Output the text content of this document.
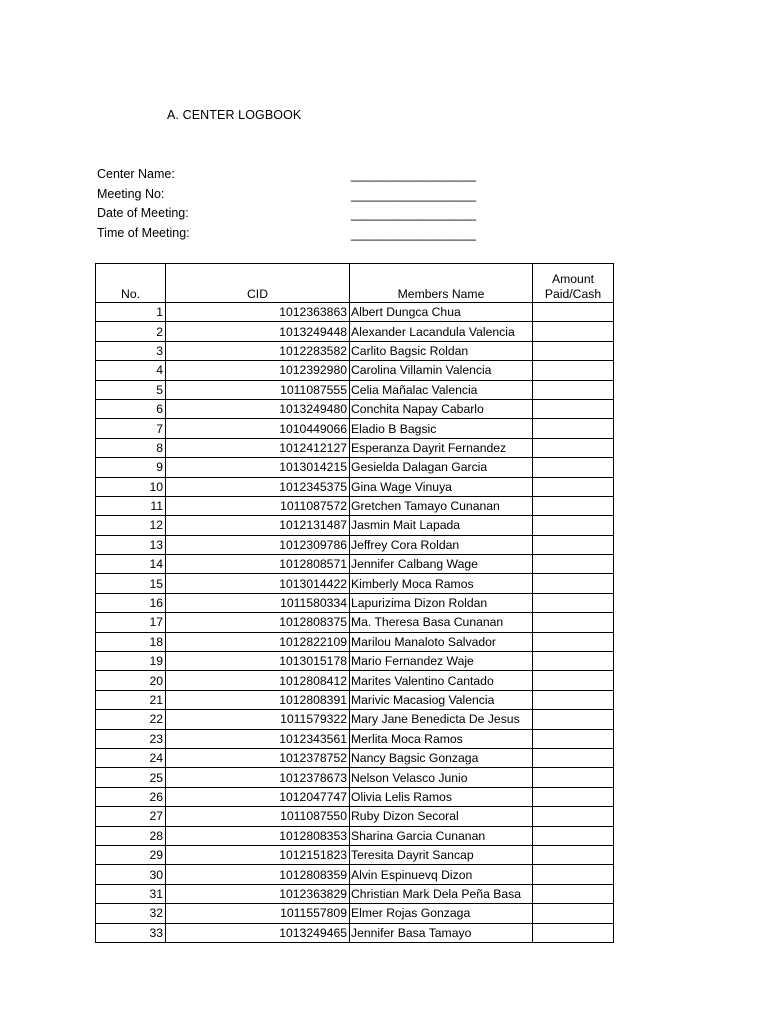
A. CENTER LOGBOOK
Center Name:	__________________
Meeting No:	__________________
Date of Meeting:	__________________
Time of Meeting:	__________________
No.	CID	Members Name	Amount
Paid/Cash
1	1012363863	Albert Dungca Chua	
2	1013249448	Alexander Lacandula Valencia	
3	1012283582	Carlito Bagsic Roldan	
4	1012392980	Carolina Villamin Valencia	
5	1011087555	Celia Mañalac Valencia	
6	1013249480	Conchita Napay Cabarlo	
7	1010449066	Eladio B Bagsic	
8	1012412127	Esperanza Dayrit Fernandez	
9	1013014215	Gesielda Dalagan Garcia	
10	1012345375	Gina Wage Vinuya	
11	1011087572	Gretchen Tamayo Cunanan	
12	1012131487	Jasmin Mait Lapada	
13	1012309786	Jeffrey Cora Roldan	
14	1012808571	Jennifer Calbang Wage	
15	1013014422	Kimberly Moca Ramos	
16	1011580334	Lapurizima Dizon Roldan	
17	1012808375	Ma. Theresa Basa Cunanan	
18	1012822109	Marilou Manaloto Salvador	
19	1013015178	Mario Fernandez Waje	
20	1012808412	Marites Valentino Cantado	
21	1012808391	Marivic Macasiog Valencia	
22	1011579322	Mary Jane Benedicta De Jesus	
23	1012343561	Merlita Moca Ramos	
24	1012378752	Nancy Bagsic Gonzaga	
25	1012378673	Nelson Velasco Junio	
26	1012047747	Olivia Lelis Ramos	
27	1011087550	Ruby Dizon Secoral	
28	1012808353	Sharina Garcia Cunanan	
29	1012151823	Teresita Dayrit Sancap	
30	1012808359	Alvin Espinuevq Dizon	
31	1012363829	Christian Mark Dela Peña Basa	
32	1011557809	Elmer Rojas Gonzaga	
33	1013249465	Jennifer Basa Tamayo	
